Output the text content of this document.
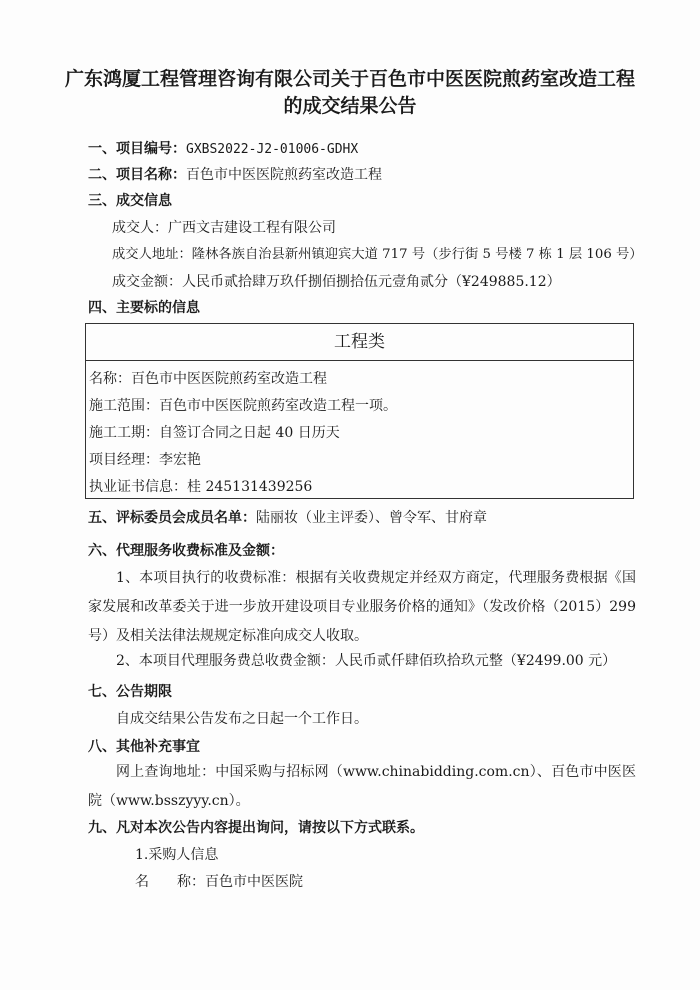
广东鸿厦工程管理咨询有限公司关于百色市中医医院煎药室改造工程
的成交结果公告
一、项目编号：GXBS2022-J2-01006-GDHX
二、项目名称：百色市中医医院煎药室改造工程
三、成交信息
成交人：广西文吉建设工程有限公司
成交人地址：隆林各族自治县新州镇迎宾大道 717 号（步行街 5 号楼 7 栋 1 层 106 号）
成交金额：人民币贰拾肆万玖仟捌佰捌拾伍元壹角贰分（¥249885.12）
四、主要标的信息
工程类
名称：百色市中医医院煎药室改造工程
施工范围：百色市中医医院煎药室改造工程一项。
施工工期：自签订合同之日起 40 日历天
项目经理：李宏艳
执业证书信息：桂 245131439256
五、评标委员会成员名单：陆丽妆（业主评委）、曾令军、甘府章
六、代理服务收费标准及金额：
1、本项目执行的收费标准：根据有关收费规定并经双方商定，代理服务费根据《国家发展和改革委关于进一步放开建设项目专业服务价格的通知》（发改价格（2015）299 号）及相关法律法规规定标准向成交人收取。
2、本项目代理服务费总收费金额：人民币贰仟肆佰玖拾玖元整（¥2499.00 元）
七、公告期限
自成交结果公告发布之日起一个工作日。
八、其他补充事宜
网上查询地址：中国采购与招标网（www.chinabidding.com.cn）、百色市中医医院（www.bsszyyy.cn）。
九、凡对本次公告内容提出询问，请按以下方式联系。
1.采购人信息
名　　称：百色市中医医院
